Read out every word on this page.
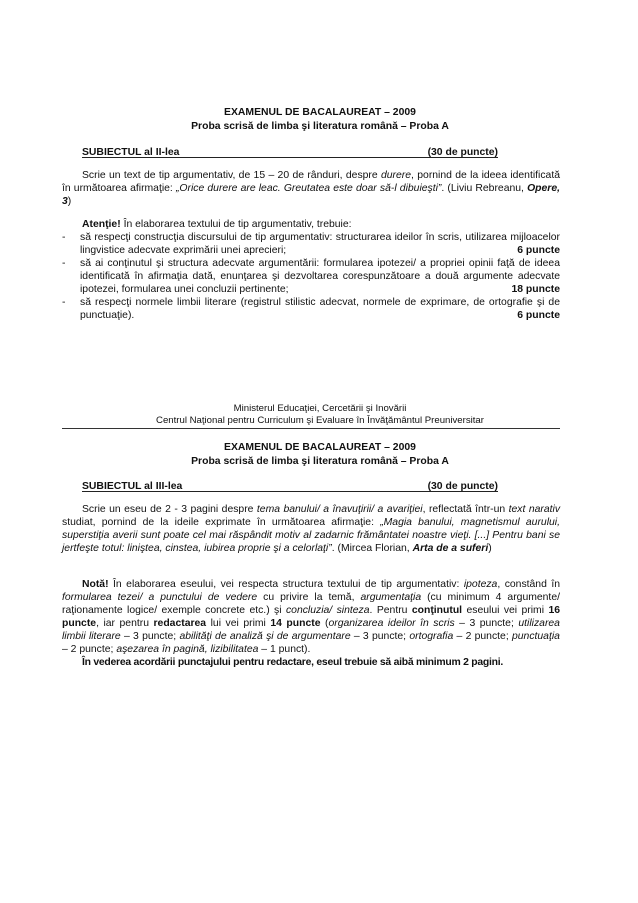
EXAMENUL DE BACALAUREAT – 2009
Proba scrisă de limba şi literatura română – Proba A
SUBIECTUL al II-lea	(30 de puncte)
Scrie un text de tip argumentativ, de 15 – 20 de rânduri, despre durere, pornind de la ideea identificată în următoarea afirmaţie: „Orice durere are leac. Greutatea este doar să-l dibuieşti”. (Liviu Rebreanu, Opere, 3)
Atenţie! În elaborarea textului de tip argumentativ, trebuie:
- să respecţi construcţia discursului de tip argumentativ: structurarea ideilor în scris, utilizarea mijloacelor lingvistice adecvate exprimării unei aprecieri;	6 puncte
- să ai conţinutul şi structura adecvate argumentării: formularea ipotezei/ a propriei opinii faţă de ideea identificată în afirmaţia dată, enunţarea şi dezvoltarea corespunzătoare a două argumente adecvate ipotezei, formularea unei concluzii pertinente;	18 puncte
- să respecţi normele limbii literare (registrul stilistic adecvat, normele de exprimare, de ortografie şi de punctuaţie).	6 puncte
Ministerul Educaţiei, Cercetării şi Inovării
Centrul Naţional pentru Curriculum şi Evaluare în Învăţământul Preuniversitar
EXAMENUL DE BACALAUREAT – 2009
Proba scrisă de limba şi literatura română – Proba A
SUBIECTUL al III-lea	(30 de puncte)
Scrie un eseu de 2 - 3 pagini despre tema banului/ a înavuţirii/ a avariţiei, reflectată într-un text narativ studiat, pornind de la ideile exprimate în următoarea afirmaţie: „Magia banului, magnetismul aurului, superstiţia averii sunt poate cel mai răspândit motiv al zadarnic frământatei noastre vieţi. [...] Pentru bani se jertfeşte totul: liniştea, cinstea, iubirea proprie şi a celorlaţi”. (Mircea Florian, Arta de a suferi)
Notă! În elaborarea eseului, vei respecta structura textului de tip argumentativ: ipoteza, constând în formularea tezei/ a punctului de vedere cu privire la temă, argumentaţia (cu minimum 4 argumente/ raţionamente logice/ exemple concrete etc.) şi concluzia/ sinteza. Pentru conţinutul eseului vei primi 16 puncte, iar pentru redactarea lui vei primi 14 puncte (organizarea ideilor în scris – 3 puncte; utilizarea limbii literare – 3 puncte; abilităţi de analiză şi de argumentare – 3 puncte; ortografia – 2 puncte; punctuaţia – 2 puncte; aşezarea în pagină, lizibilitatea – 1 punct).
În vederea acordării punctajului pentru redactare, eseul trebuie să aibă minimum 2 pagini.
